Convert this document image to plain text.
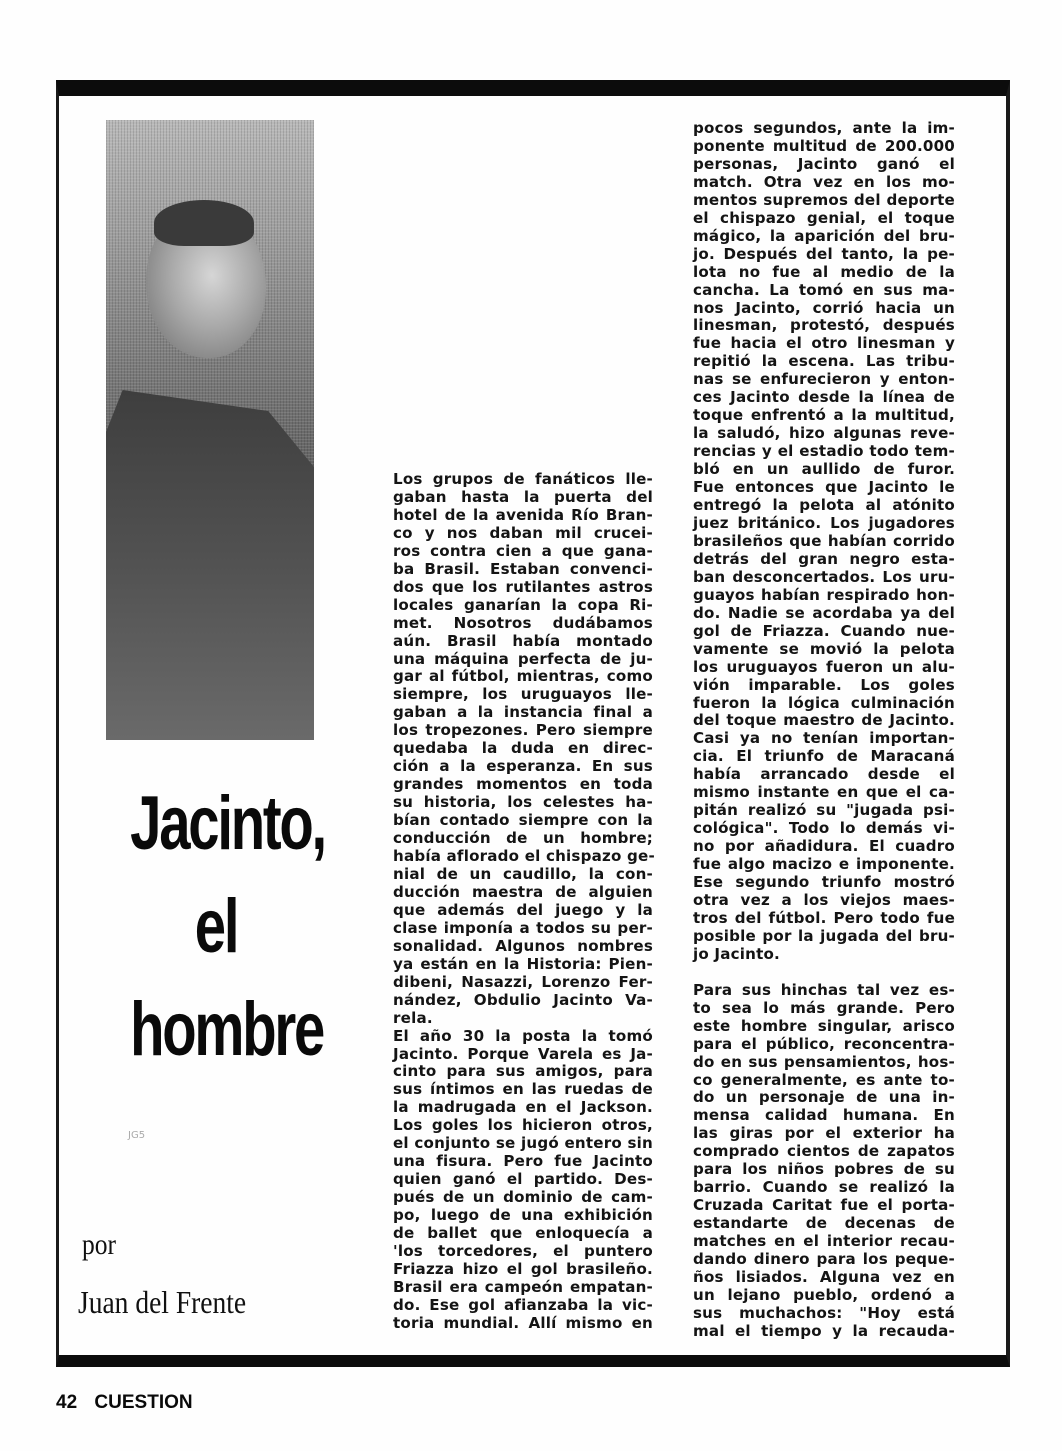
Jacinto,
el
hombre
JG5
por
Juan del Frente
Los grupos de fanáticos lle-
gaban hasta la puerta del
hotel de la avenida Río Bran-
co y nos daban mil crucei-
ros contra cien a que gana-
ba Brasil. Estaban convenci-
dos que los rutilantes astros
locales ganarían la copa Ri-
met. Nosotros dudábamos
aún. Brasil había montado
una máquina perfecta de ju-
gar al fútbol, mientras, como
siempre, los uruguayos lle-
gaban a la instancia final a
los tropezones. Pero siempre
quedaba la duda en direc-
ción a la esperanza. En sus
grandes momentos en toda
su historia, los celestes ha-
bían contado siempre con la
conducción de un hombre;
había aflorado el chispazo ge-
nial de un caudillo, la con-
ducción maestra de alguien
que además del juego y la
clase imponía a todos su per-
sonalidad. Algunos nombres
ya están en la Historia: Pien-
dibeni, Nasazzi, Lorenzo Fer-
nández, Obdulio Jacinto Va-
rela.
El año 30 la posta la tomó
Jacinto. Porque Varela es Ja-
cinto para sus amigos, para
sus íntimos en las ruedas de
la madrugada en el Jackson.
Los goles los hicieron otros,
el conjunto se jugó entero sin
una fisura. Pero fue Jacinto
quien ganó el partido. Des-
pués de un dominio de cam-
po, luego de una exhibición
de ballet que enloquecía a
'los torcedores, el puntero
Friazza hizo el gol brasileño.
Brasil era campeón empatan-
do. Ese gol afianzaba la vic-
toria mundial. Allí mismo en
pocos segundos, ante la im-
ponente multitud de 200.000
personas, Jacinto ganó el
match. Otra vez en los mo-
mentos supremos del deporte
el chispazo genial, el toque
mágico, la aparición del bru-
jo. Después del tanto, la pe-
lota no fue al medio de la
cancha. La tomó en sus ma-
nos Jacinto, corrió hacia un
linesman, protestó, después
fue hacia el otro linesman y
repitió la escena. Las tribu-
nas se enfurecieron y enton-
ces Jacinto desde la línea de
toque enfrentó a la multitud,
la saludó, hizo algunas reve-
rencias y el estadio todo tem-
bló en un aullido de furor.
Fue entonces que Jacinto le
entregó la pelota al atónito
juez británico. Los jugadores
brasileños que habían corrido
detrás del gran negro esta-
ban desconcertados. Los uru-
guayos habían respirado hon-
do. Nadie se acordaba ya del
gol de Friazza. Cuando nue-
vamente se movió la pelota
los uruguayos fueron un alu-
vión imparable. Los goles
fueron la lógica culminación
del toque maestro de Jacinto.
Casi ya no tenían importan-
cia. El triunfo de Maracaná
había arrancado desde el
mismo instante en que el ca-
pitán realizó su "jugada psi-
cológica". Todo lo demás vi-
no por añadidura. El cuadro
fue algo macizo e imponente.
Ese segundo triunfo mostró
otra vez a los viejos maes-
tros del fútbol. Pero todo fue
posible por la jugada del bru-
jo Jacinto.

Para sus hinchas tal vez es-
to sea lo más grande. Pero
este hombre singular, arisco
para el público, reconcentra-
do en sus pensamientos, hos-
co generalmente, es ante to-
do un personaje de una in-
mensa calidad humana. En
las giras por el exterior ha
comprado cientos de zapatos
para los niños pobres de su
barrio. Cuando se realizó la
Cruzada Caritat fue el porta-
estandarte de decenas de
matches en el interior recau-
dando dinero para los peque-
ños lisiados. Alguna vez en
un lejano pueblo, ordenó a
sus muchachos: "Hoy está
mal el tiempo y la recauda-
42 CUESTION
